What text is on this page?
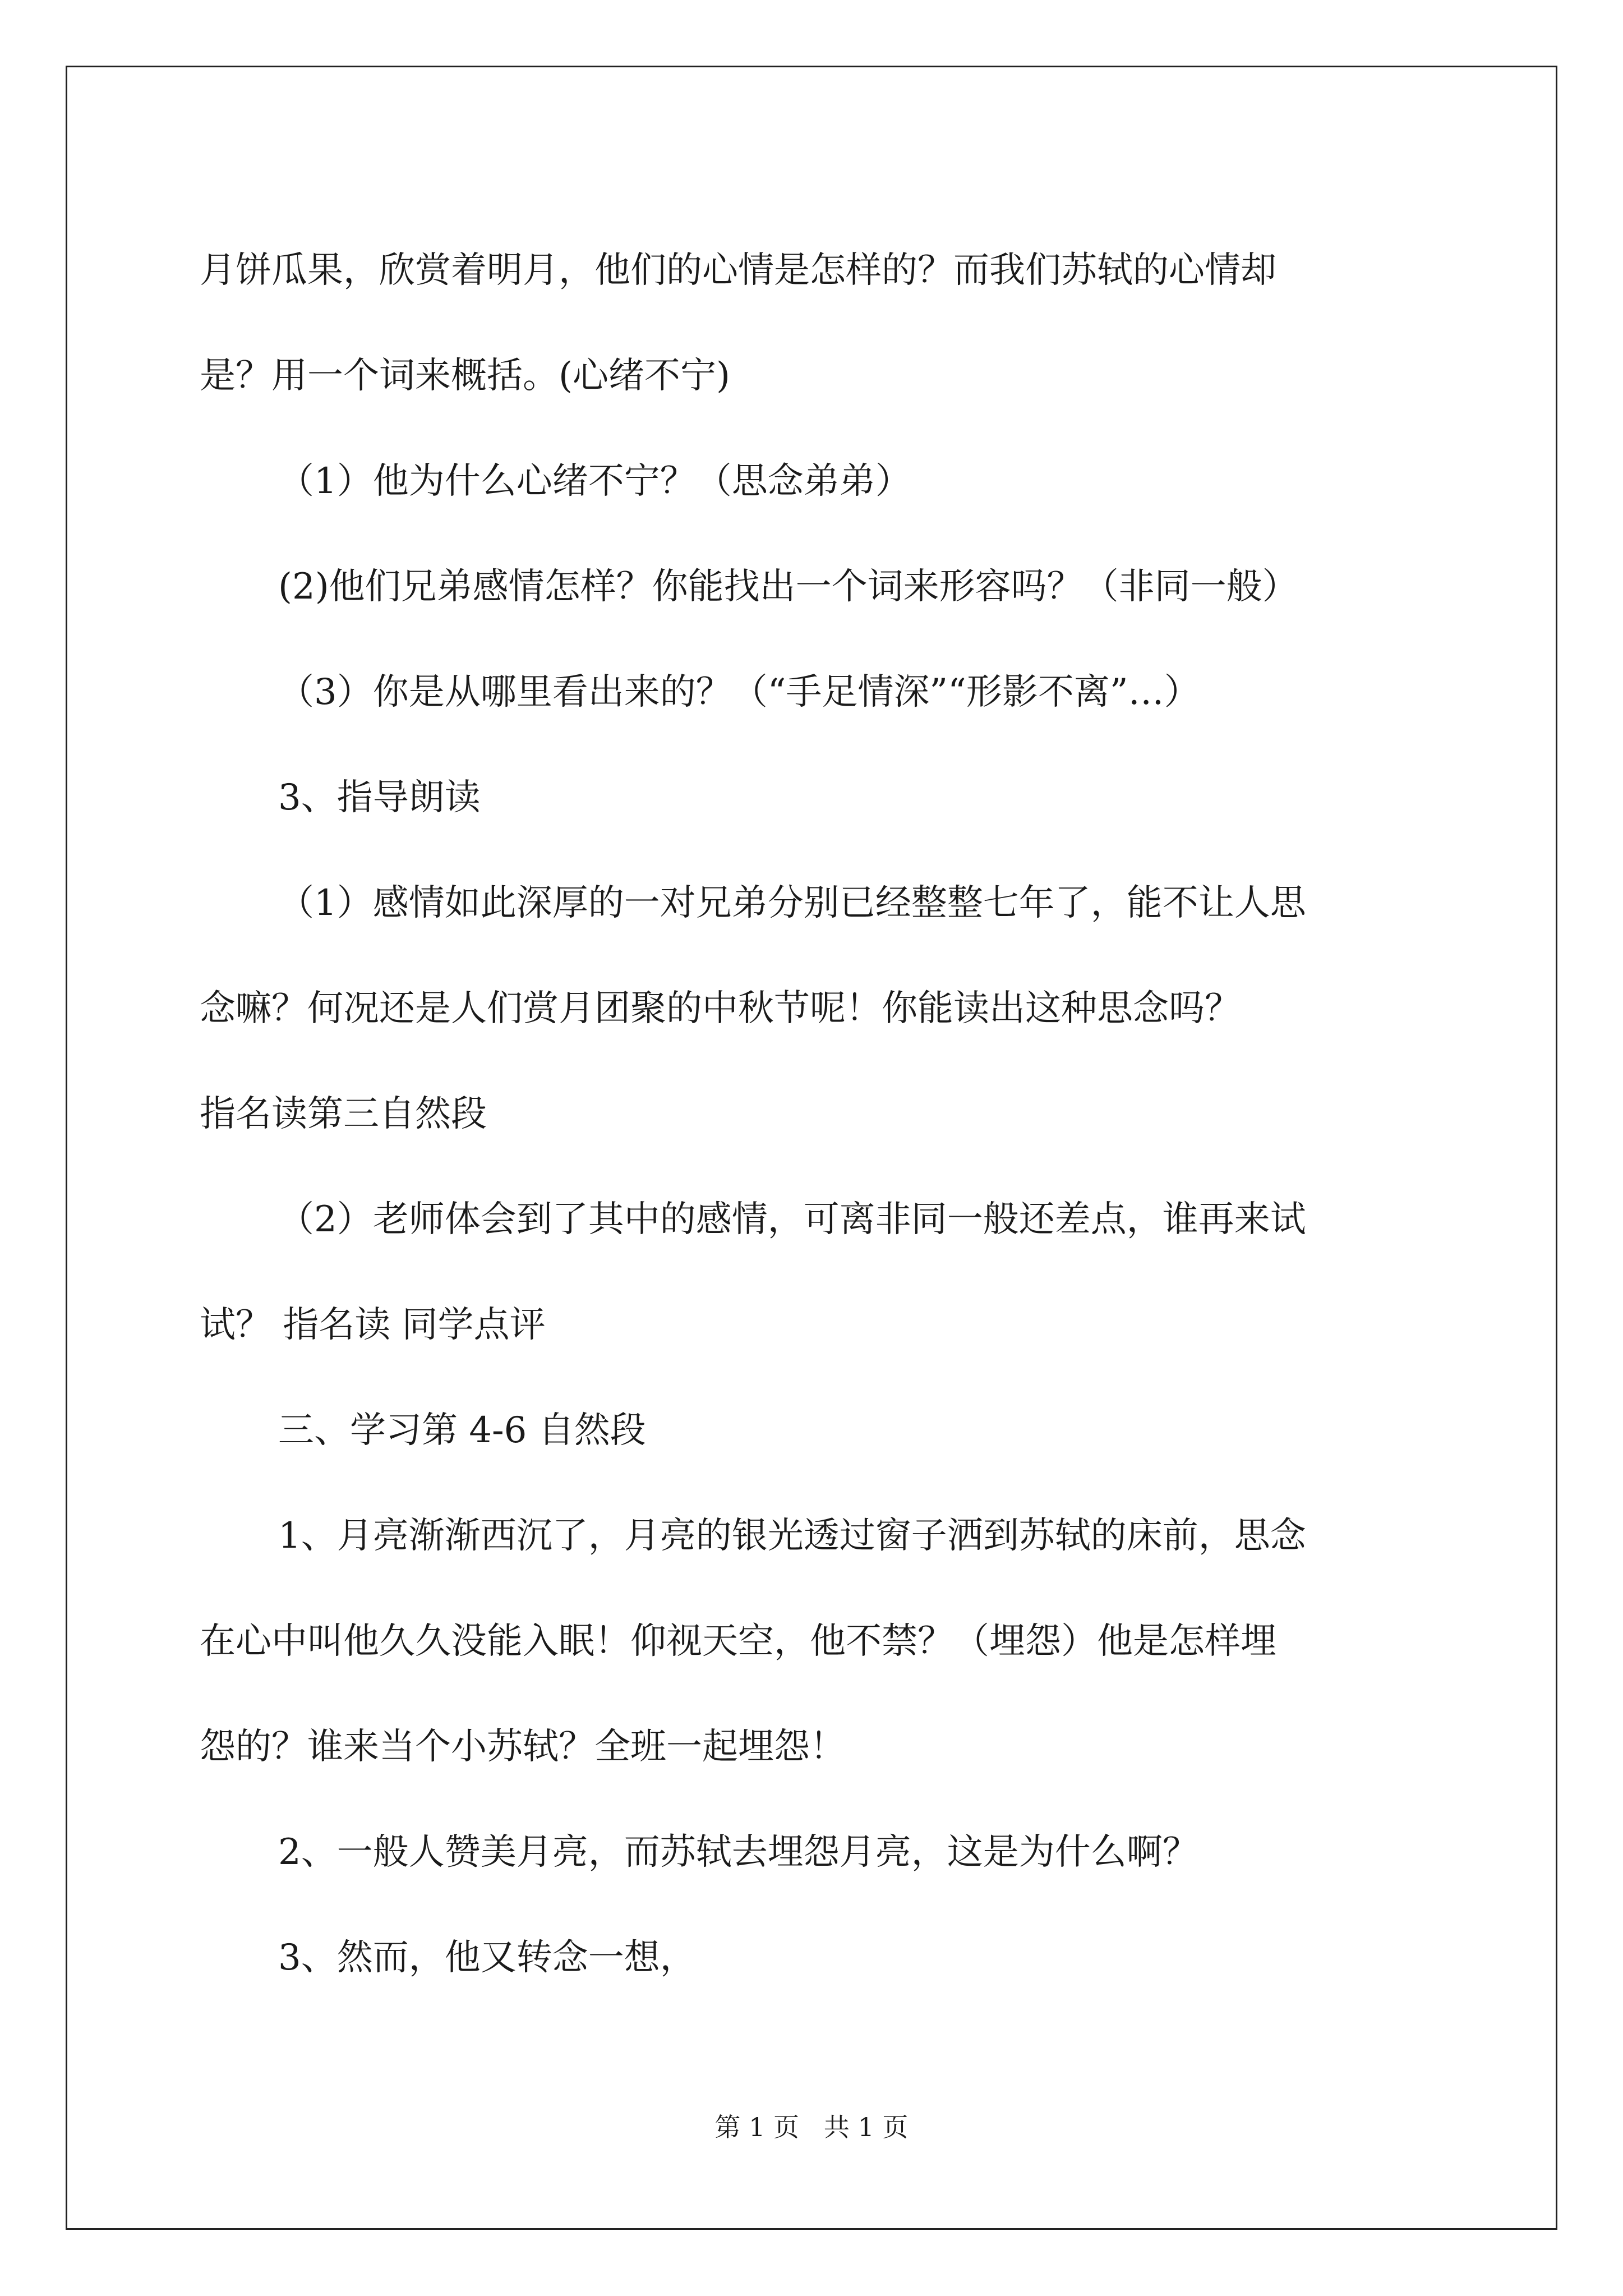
月饼瓜果，欣赏着明月，他们的心情是怎样的？而我们苏轼的心情却

是？用一个词来概括。(心绪不宁)

（1）他为什么心绪不宁？（思念弟弟）

(2)他们兄弟感情怎样？你能找出一个词来形容吗？（非同一般）

（3）你是从哪里看出来的？（“手足情深”“形影不离”…）

3、指导朗读

（1）感情如此深厚的一对兄弟分别已经整整七年了，能不让人思

念嘛？何况还是人们赏月团聚的中秋节呢！你能读出这种思念吗？

指名读第三自然段

（2）老师体会到了其中的感情，可离非同一般还差点，谁再来试

试？ 指名读 同学点评

三、学习第 4-6 自然段

1、月亮渐渐西沉了，月亮的银光透过窗子洒到苏轼的床前，思念

在心中叫他久久没能入眠！仰视天空，他不禁？（埋怨）他是怎样埋

怨的？谁来当个小苏轼？全班一起埋怨！

2、一般人赞美月亮，而苏轼去埋怨月亮，这是为什么啊？

3、然而，他又转念一想，

第 1 页   共 1 页
